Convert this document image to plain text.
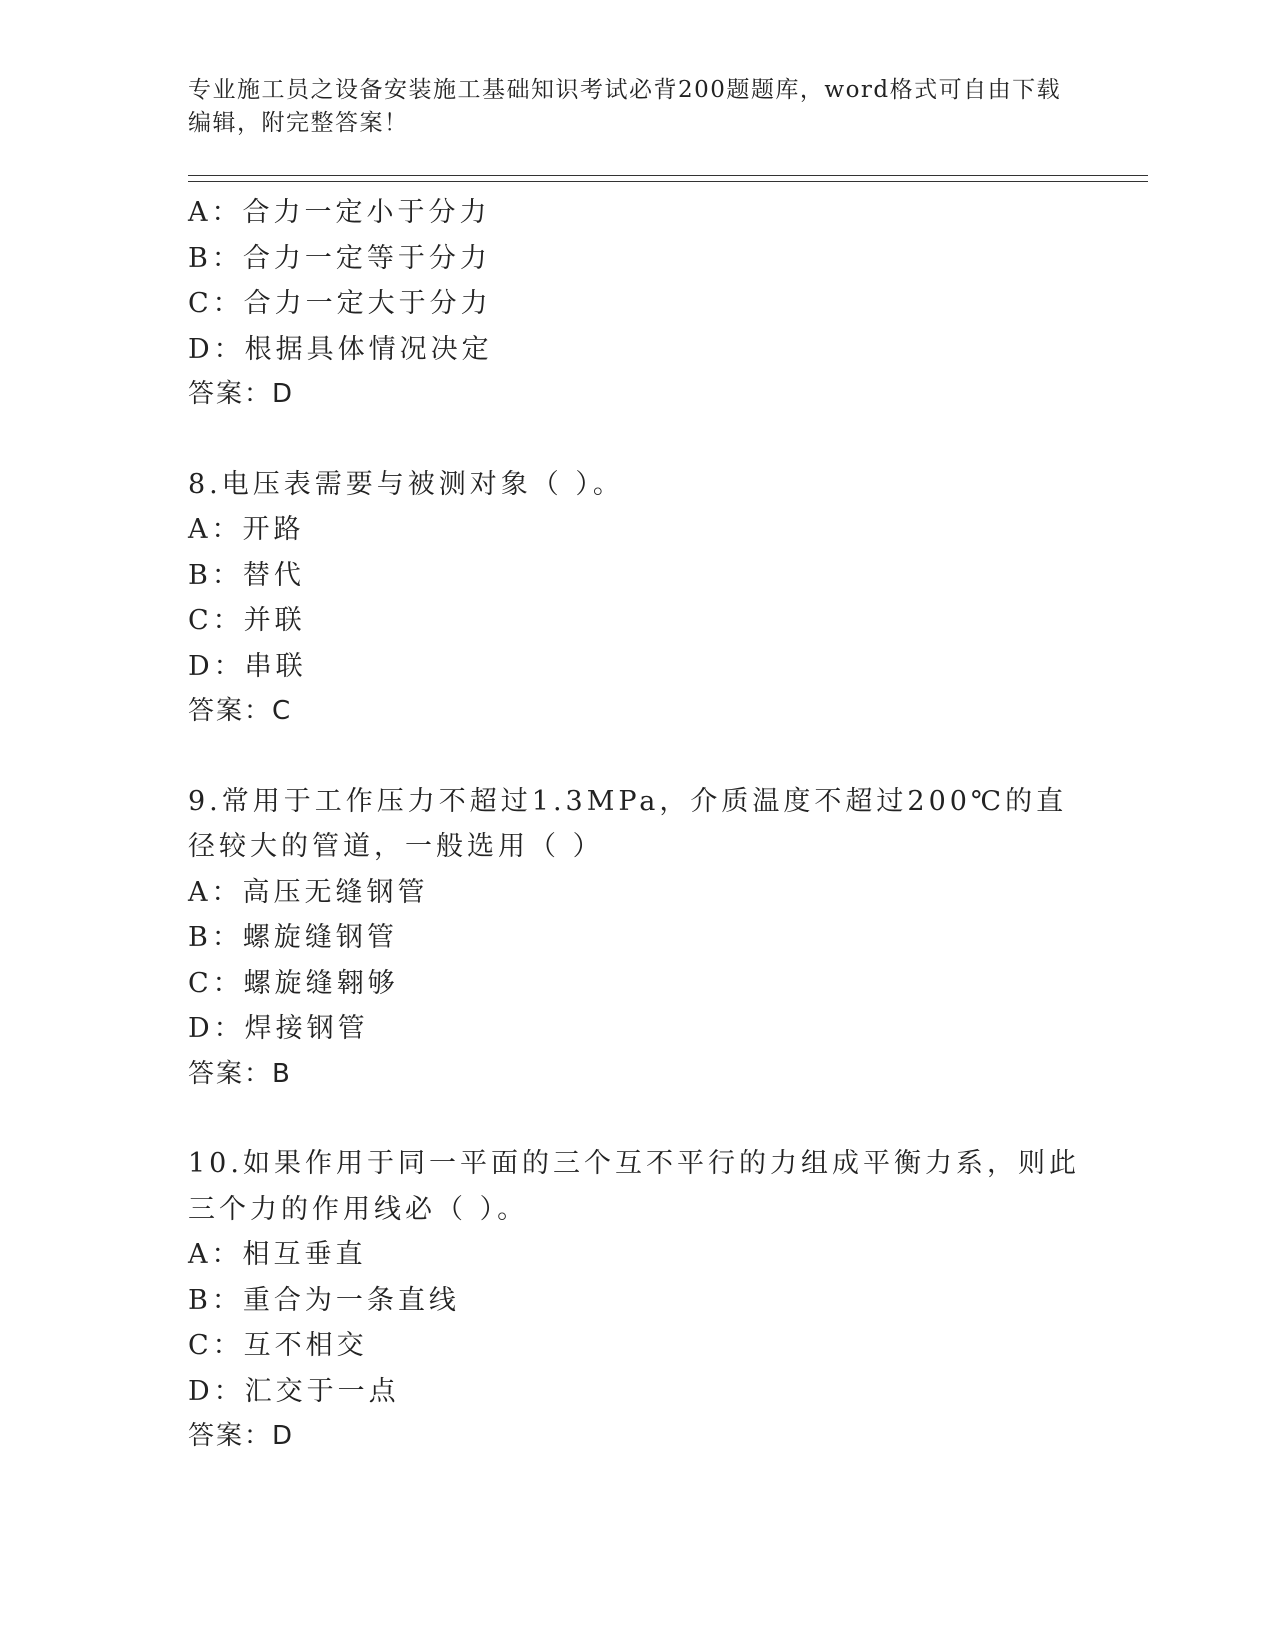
专业施工员之设备安装施工基础知识考试必背200题题库，word格式可自由下载编辑，附完整答案！
A：合力一定小于分力
B：合力一定等于分力
C：合力一定大于分力
D：根据具体情况决定
答案：D
8.电压表需要与被测对象（ ）。
A：开路
B：替代
C：并联
D：串联
答案：C
9.常用于工作压力不超过1.3MPa，介质温度不超过200℃的直径较大的管道，一般选用（ ）
A：高压无缝钢管
B：螺旋缝钢管
C：螺旋缝翱够
D：焊接钢管
答案：B
10.如果作用于同一平面的三个互不平行的力组成平衡力系，则此三个力的作用线必（ ）。
A：相互垂直
B：重合为一条直线
C：互不相交
D：汇交于一点
答案：D
